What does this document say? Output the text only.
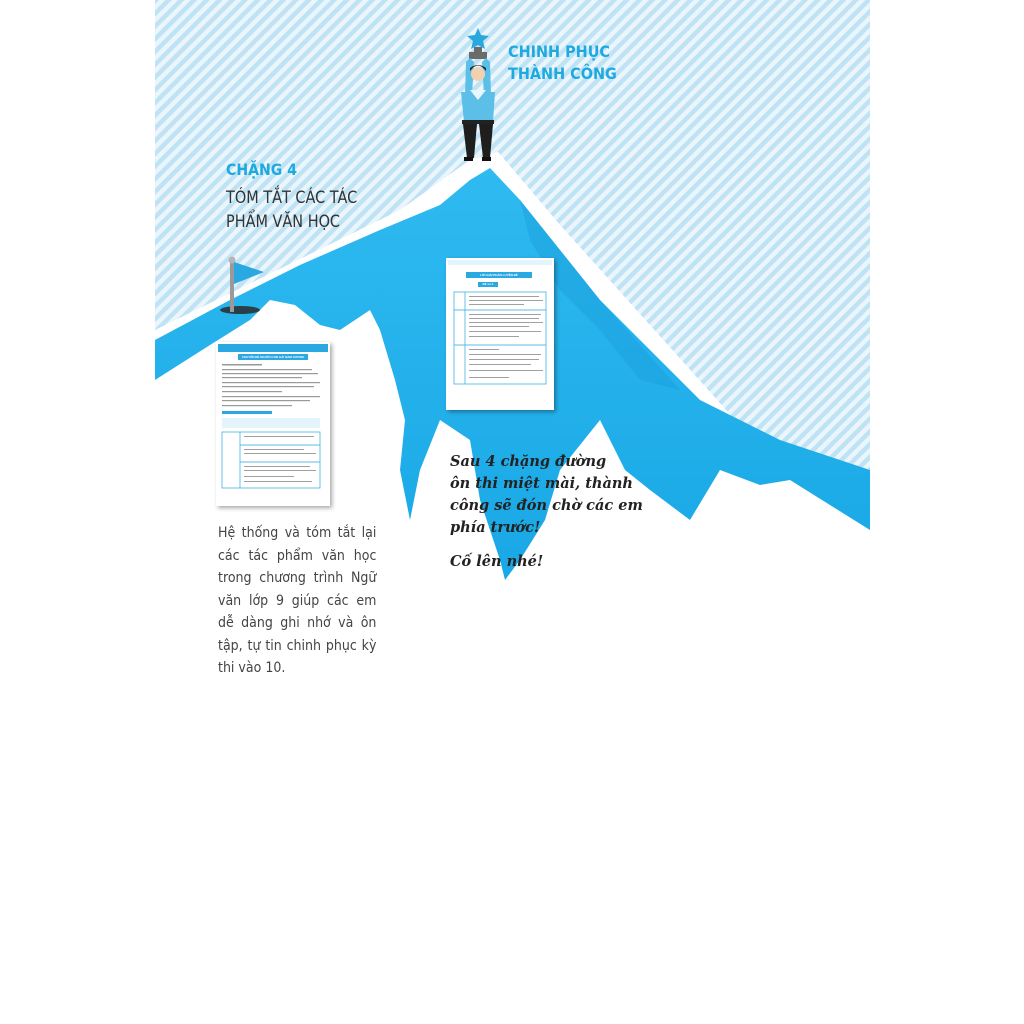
CHUYÊN ĐỀ NGƯỜI CON GÁI NAM XƯƠNG
LỜI GIẢI PHẦN LUYỆN ĐỀ
Đề số 1
CHINH PHỤC
THÀNH CÔNG
CHẶNG 4
TÓM TẮT CÁC TÁC
PHẨM VĂN HỌC

Hệ thống và tóm tắt lại các tác phẩm văn học trong chương trình Ngữ văn lớp 9 giúp các em dễ dàng ghi nhớ và ôn tập, tự tin chinh phục kỳ thi vào 10.

Sau 4 chặng đường
ôn thi miệt mài, thành
công sẽ đón chờ các em
phía trước!
Cố lên nhé!
